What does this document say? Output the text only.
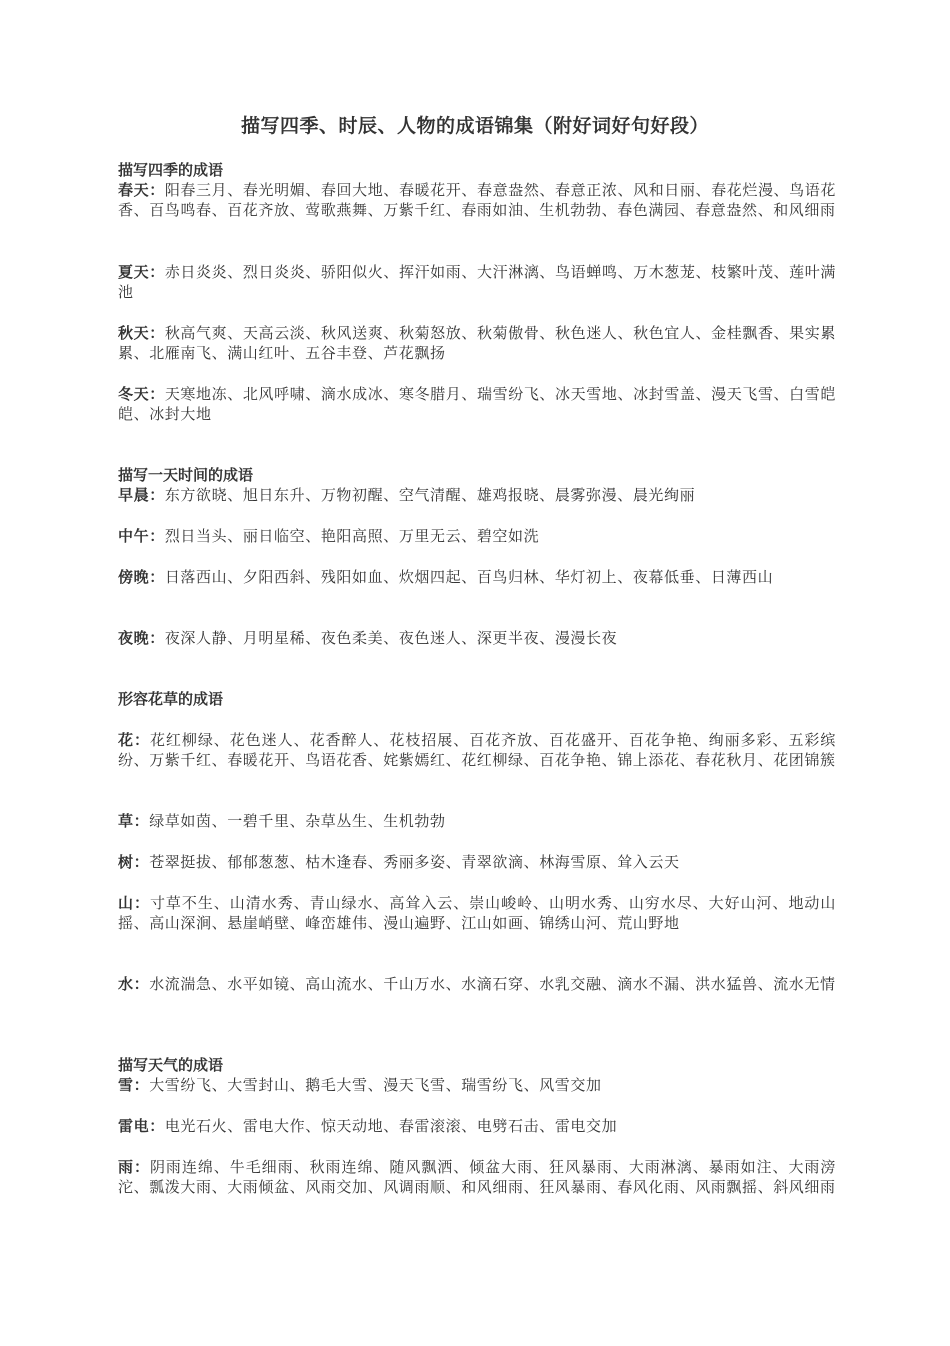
描写四季、时辰、人物的成语锦集（附好词好句好段）
描写四季的成语
春天：阳春三月、春光明媚、春回大地、春暖花开、春意盎然、春意正浓、风和日丽、春花烂漫、鸟语花香、百鸟鸣春、百花齐放、莺歌燕舞、万紫千红、春雨如油、生机勃勃、春色满园、春意盎然、和风细雨
夏天：赤日炎炎、烈日炎炎、骄阳似火、挥汗如雨、大汗淋漓、鸟语蝉鸣、万木葱茏、枝繁叶茂、莲叶满池
秋天：秋高气爽、天高云淡、秋风送爽、秋菊怒放、秋菊傲骨、秋色迷人、秋色宜人、金桂飘香、果实累累、北雁南飞、满山红叶、五谷丰登、芦花飘扬
冬天：天寒地冻、北风呼啸、滴水成冰、寒冬腊月、瑞雪纷飞、冰天雪地、冰封雪盖、漫天飞雪、白雪皑皑、冰封大地
描写一天时间的成语
早晨：东方欲晓、旭日东升、万物初醒、空气清醒、雄鸡报晓、晨雾弥漫、晨光绚丽
中午：烈日当头、丽日临空、艳阳高照、万里无云、碧空如洗
傍晚：日落西山、夕阳西斜、残阳如血、炊烟四起、百鸟归林、华灯初上、夜幕低垂、日薄西山
夜晚：夜深人静、月明星稀、夜色柔美、夜色迷人、深更半夜、漫漫长夜
形容花草的成语
花：花红柳绿、花色迷人、花香醉人、花枝招展、百花齐放、百花盛开、百花争艳、绚丽多彩、五彩缤纷、万紫千红、春暖花开、鸟语花香、姹紫嫣红、花红柳绿、百花争艳、锦上添花、春花秋月、花团锦簇
草：绿草如茵、一碧千里、杂草丛生、生机勃勃
树：苍翠挺拔、郁郁葱葱、枯木逢春、秀丽多姿、青翠欲滴、林海雪原、耸入云天
山：寸草不生、山清水秀、青山绿水、高耸入云、崇山峻岭、山明水秀、山穷水尽、大好山河、地动山摇、高山深涧、悬崖峭壁、峰峦雄伟、漫山遍野、江山如画、锦绣山河、荒山野地
水：水流湍急、水平如镜、高山流水、千山万水、水滴石穿、水乳交融、滴水不漏、洪水猛兽、流水无情
描写天气的成语
雪：大雪纷飞、大雪封山、鹅毛大雪、漫天飞雪、瑞雪纷飞、风雪交加
雷电：电光石火、雷电大作、惊天动地、春雷滚滚、电劈石击、雷电交加
雨：阴雨连绵、牛毛细雨、秋雨连绵、随风飘洒、倾盆大雨、狂风暴雨、大雨淋漓、暴雨如注、大雨滂沱、瓢泼大雨、大雨倾盆、风雨交加、风调雨顺、和风细雨、狂风暴雨、春风化雨、风雨飘摇、斜风细雨
